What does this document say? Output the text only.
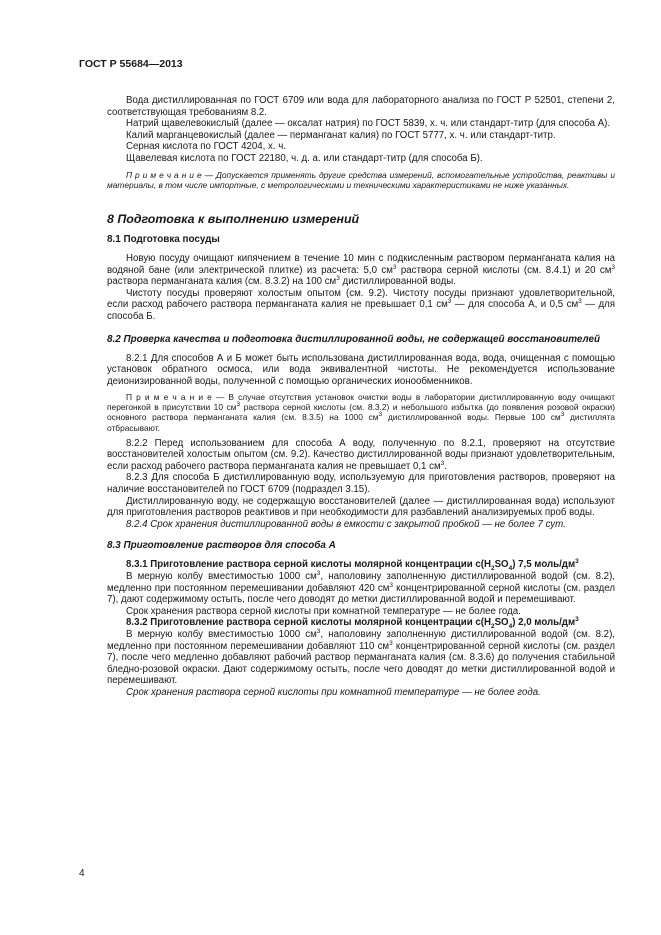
ГОСТ Р 55684—2013

Вода дистиллированная по ГОСТ 6709 или вода для лабораторного анализа по ГОСТ Р 52501, степени 2, соответствующая требованиям 8.2.

Натрий щавелевокислый (далее — оксалат натрия) по ГОСТ 5839, х. ч. или стандарт-титр (для способа А).

Калий марганцевокислый (далее — перманганат калия) по ГОСТ 5777, х. ч. или стандарт-титр.

Серная кислота по ГОСТ 4204, х. ч.

Щавелевая кислота по ГОСТ 22180, ч. д. а. или стандарт-титр (для способа Б).

П р и м е ч а н и е — Допускается применять другие средства измерений, вспомогательные устройства, реактивы и материалы, в том числе импортные, с метрологическими и техническими характеристиками не ниже указанных.

8 Подготовка к выполнению измерений
8.1 Подготовка посуды

Новую посуду очищают кипячением в течение 10 мин с подкисленным раствором перманганата калия на водяной бане (или электрической плитке) из расчета: 5,0 $см^3$ раствора серной кислоты (см. 8.4.1) и 20 $см^3$ раствора перманганата калия (см. 8.3.2) на 100 $см^3$ дистиллированной воды.

Чистоту посуды проверяют холостым опытом (см. 9.2). Чистоту посуды признают удовлетворительной, если расход рабочего раствора перманганата калия не превышает 0,1 $см^3$ — для способа А, и 0,5 $см^3$ — для способа Б.

8.2 Проверка качества и подготовка дистиллированной воды, не содержащей восстановителей

8.2.1 Для способов А и Б может быть использована дистиллированная вода, вода, очищенная с помощью установок обратного осмоса, или вода эквивалентной чистоты. Не рекомендуется использование деионизированной воды, полученной с помощью органических ионообменников.

П р и м е ч а н и е — В случае отсутствия установок очистки воды в лаборатории дистиллированную воду очищают перегонкой в присутствии 10 $см^3$ раствора серной кислоты (см. 8.3.2) и небольшого избытка (до появления розовой окраски) основного раствора перманганата калия (см. 8.3.5) на 1000 $см^3$ дистиллированной воды. Первые 100 $см^3$ дистиллята отбрасывают.

8.2.2 Перед использованием для способа А воду, полученную по 8.2.1, проверяют на отсутствие восстановителей холостым опытом (см. 9.2). Качество дистиллированной воды признают удовлетворительным, если расход рабочего раствора перманганата калия не превышает 0,1 $см^3$.

8.2.3 Для способа Б дистиллированную воду, используемую для приготовления растворов, проверяют на наличие восстановителей по ГОСТ 6709 (подраздел 3.15).

Дистиллированную воду, не содержащую восстановителей (далее — дистиллированная вода) используют для приготовления растворов реактивов и при необходимости для разбавлений анализируемых проб воды.

8.2.4 Срок хранения дистиллированной воды в емкости с закрытой пробкой — не более 7 сут.

8.3 Приготовление растворов для способа А

8.3.1 Приготовление раствора серной кислоты молярной концентрации $c(H_2SO_4)$ 7,5 моль/$дм^3$

В мерную колбу вместимостью 1000 $см^3$, наполовину заполненную дистиллированной водой (см. 8.2), медленно при постоянном перемешивании добавляют 420 $см^3$ концентрированной серной кислоты (см. раздел 7), дают содержимому остыть, после чего доводят до метки дистиллированной водой и перемешивают.

Срок хранения раствора серной кислоты при комнатной температуре — не более года.

8.3.2 Приготовление раствора серной кислоты молярной концентрации $c(H_2SO_4)$ 2,0 моль/$дм^3$

В мерную колбу вместимостью 1000 $см^3$, наполовину заполненную дистиллированной водой (см. 8.2), медленно при постоянном перемешивании добавляют 110 $см^3$ концентрированной серной кислоты (см. раздел 7), после чего медленно добавляют рабочий раствор перманганата калия (см. 8.3.6) до получения стабильной бледно-розовой окраски. Дают содержимому остыть, после чего доводят до метки дистиллированной водой и перемешивают.

Срок хранения раствора серной кислоты при комнатной температуре — не более года.

4
